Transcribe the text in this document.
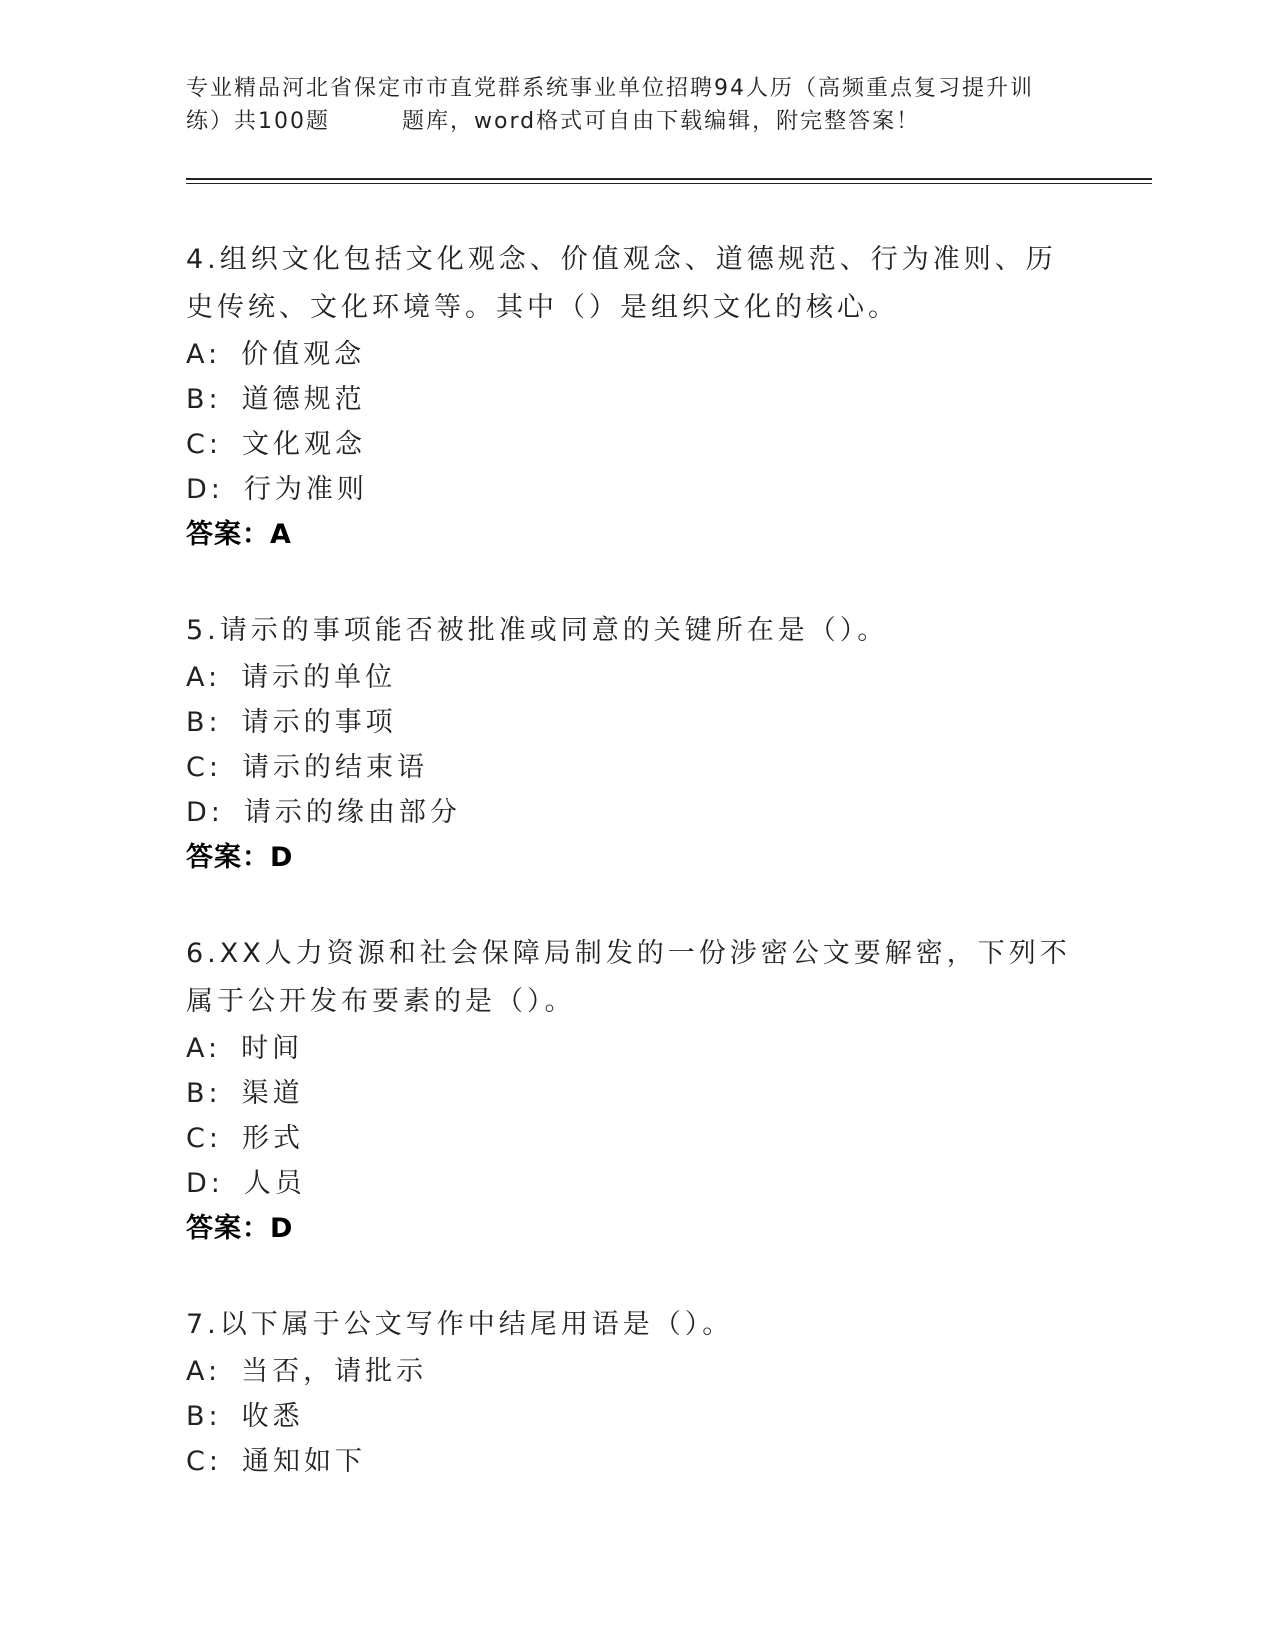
专业精品河北省保定市市直党群系统事业单位招聘94人历（高频重点复习提升训
练）共100题　　　题库，word格式可自由下载编辑，附完整答案！
4.组织文化包括文化观念、价值观念、道德规范、行为准则、历史传统、文化环境等。其中（）是组织文化的核心。
A: 价值观念
B: 道德规范
C: 文化观念
D: 行为准则
答案：A
5.请示的事项能否被批准或同意的关键所在是（）。
A: 请示的单位
B: 请示的事项
C: 请示的结束语
D: 请示的缘由部分
答案：D
6.XX人力资源和社会保障局制发的一份涉密公文要解密，下列不属于公开发布要素的是（）。
A: 时间
B: 渠道
C: 形式
D: 人员
答案：D
7.以下属于公文写作中结尾用语是（）。
A: 当否，请批示
B: 收悉
C: 通知如下
